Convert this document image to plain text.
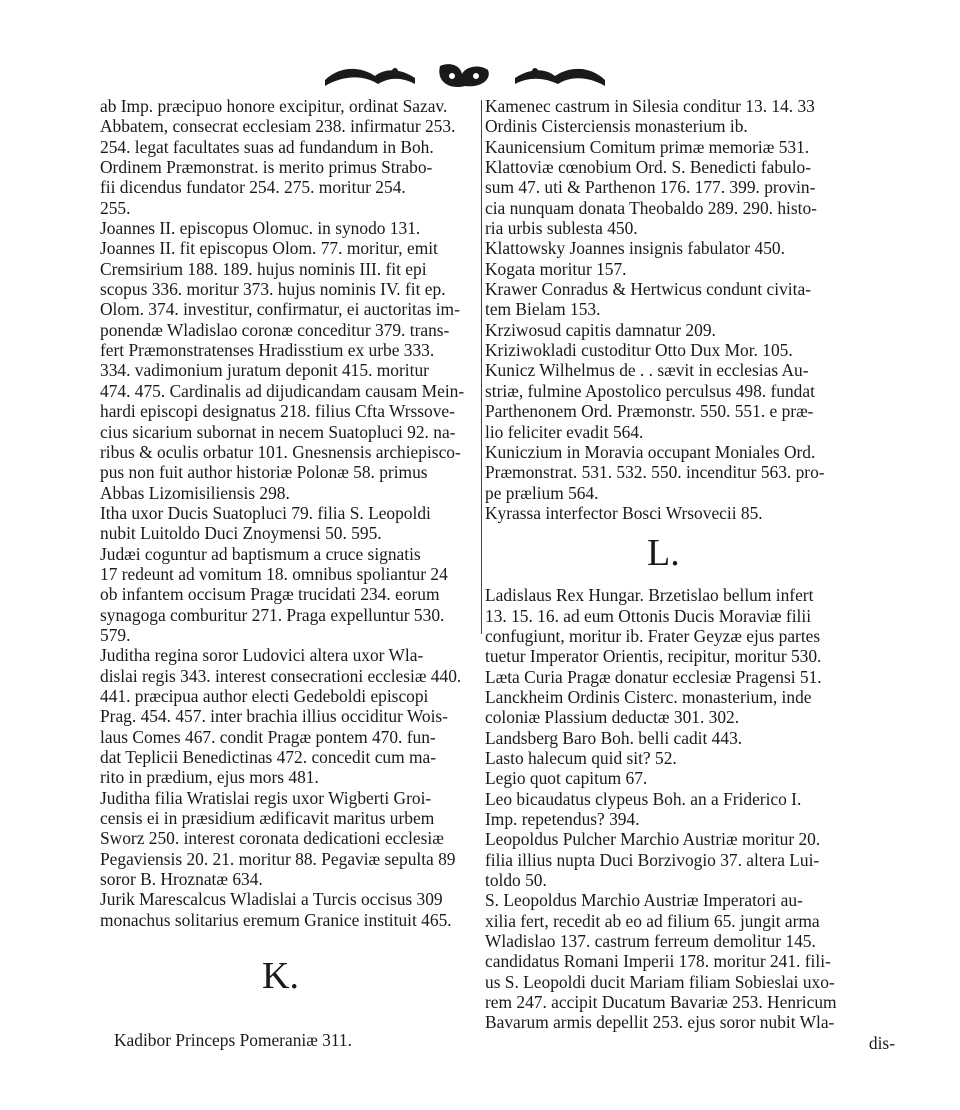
ab Imp. præcipuo honore excipitur, ordinat Sazav.
Abbatem, consecrat ecclesiam 238. infirmatur 253.
254. legat facultates suas ad fundandum in Boh.
Ordinem Præmonstrat. is merito primus Strabo-
fii dicendus fundator 254. 275. moritur 254.
255.
Joannes II. episcopus Olomuc. in synodo 131.
Joannes II. fit episcopus Olom. 77. moritur, emit
Cremsirium 188. 189. hujus nominis III. fit epi
scopus 336. moritur 373. hujus nominis IV. fit ep.
Olom. 374. investitur, confirmatur, ei auctoritas im-
ponendæ Wladislao coronæ conceditur 379. trans-
fert Præmonstratenses Hradisstium ex urbe 333.
334. vadimonium juratum deponit 415. moritur
474. 475. Cardinalis ad dijudicandam causam Mein-
hardi episcopi designatus 218. filius Cfta Wrssove-
cius sicarium subornat in necem Suatopluci 92. na-
ribus & oculis orbatur 101. Gnesnensis archiepisco-
pus non fuit author historiæ Polonæ 58. primus
Abbas Lizomisiliensis 298.
Itha uxor Ducis Suatopluci 79. filia S. Leopoldi
nubit Luitoldo Duci Znoymensi 50. 595.
Judæi coguntur ad baptismum a cruce signatis
17 redeunt ad vomitum 18. omnibus spoliantur 24
ob infantem occisum Pragæ trucidati 234. eorum
synagoga comburitur 271. Praga expelluntur 530.
579.
Juditha regina soror Ludovici altera uxor Wla-
dislai regis 343. interest consecrationi ecclesiæ 440.
441. præcipua author electi Gedeboldi episcopi
Prag. 454. 457. inter brachia illius occiditur Wois-
laus Comes 467. condit Pragæ pontem 470. fun-
dat Teplicii Benedictinas 472. concedit cum ma-
rito in prædium, ejus mors 481.
Juditha filia Wratislai regis uxor Wigberti Groi-
censis ei in præsidium ædificavit maritus urbem
Sworz 250. interest coronata dedicationi ecclesiæ
Pegaviensis 20. 21. moritur 88. Pegaviæ sepulta 89
soror B. Hroznatæ 634.
Jurik Marescalcus Wladislai a Turcis occisus 309
monachus solitarius eremum Granice instituit 465.
K.
Kadibor Princeps Pomeraniæ 311.
Kamenec castrum in Silesia conditur 13. 14. 33
Ordinis Cisterciensis monasterium ib.
Kaunicensium Comitum primæ memoriæ 531.
Klattoviæ cœnobium Ord. S. Benedicti fabulo-
sum 47. uti & Parthenon 176. 177. 399. provin-
cia nunquam donata Theobaldo 289. 290. histo-
ria urbis sublesta 450.
Klattowsky Joannes insignis fabulator 450.
Kogata moritur 157.
Krawer Conradus & Hertwicus condunt civita-
tem Bielam 153.
Krziwosud capitis damnatur 209.
Kriziwokladi custoditur Otto Dux Mor. 105.
Kunicz Wilhelmus de . . sævit in ecclesias Au-
striæ, fulmine Apostolico perculsus 498. fundat
Parthenonem Ord. Præmonstr. 550. 551. e præ-
lio feliciter evadit 564.
Kuniczium in Moravia occupant Moniales Ord.
Præmonstrat. 531. 532. 550. incenditur 563. pro-
pe prælium 564.
Kyrassa interfector Bosci Wrsovecii 85.
L.
Ladislaus Rex Hungar. Brzetislao bellum infert
13. 15. 16. ad eum Ottonis Ducis Moraviæ filii
confugiunt, moritur ib. Frater Geyzæ ejus partes
tuetur Imperator Orientis, recipitur, moritur 530.
Læta Curia Pragæ donatur ecclesiæ Pragensi 51.
Lanckheim Ordinis Cisterc. monasterium, inde
coloniæ Plassium deductæ 301. 302.
Landsberg Baro Boh. belli cadit 443.
Lasto halecum quid sit? 52.
Legio quot capitum 67.
Leo bicaudatus clypeus Boh. an a Friderico I.
Imp. repetendus? 394.
Leopoldus Pulcher Marchio Austriæ moritur 20.
filia illius nupta Duci Borzivogio 37. altera Lui-
toldo 50.
S. Leopoldus Marchio Austriæ Imperatori au-
xilia fert, recedit ab eo ad filium 65. jungit arma
Wladislao 137. castrum ferreum demolitur 145.
candidatus Romani Imperii 178. moritur 241. fili-
us S. Leopoldi ducit Mariam filiam Sobieslai uxo-
rem 247. accipit Ducatum Bavariæ 253. Henricum
Bavarum armis depellit 253. ejus soror nubit Wla-
dis-
